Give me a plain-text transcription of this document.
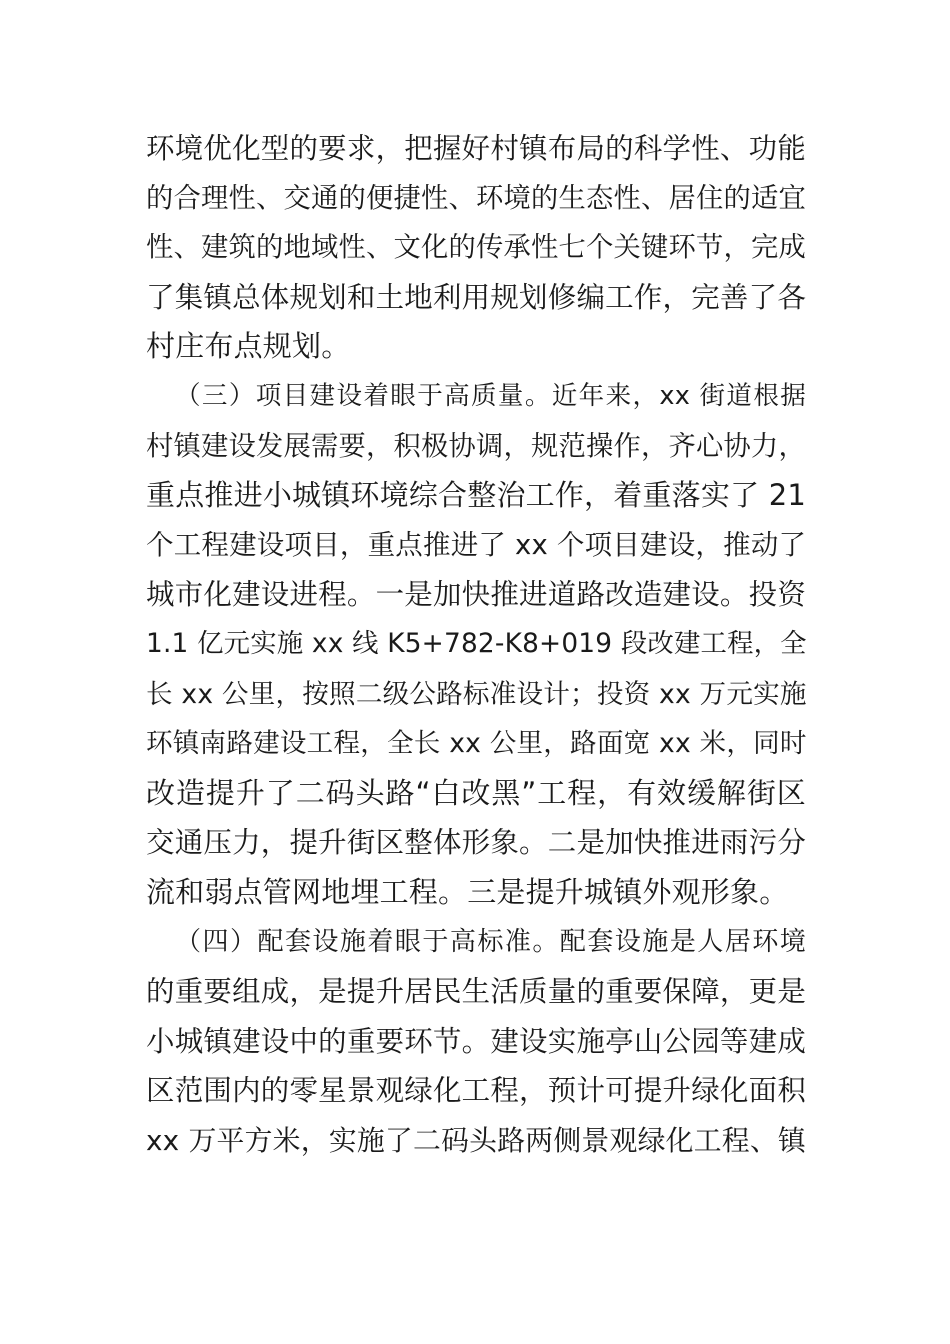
环境优化型的要求，把握好村镇布局的科学性、功能
的合理性、交通的便捷性、环境的生态性、居住的适宜
性、建筑的地域性、文化的传承性七个关键环节，完成
了集镇总体规划和土地利用规划修编工作，完善了各
村庄布点规划。
（三）项目建设着眼于高质量。近年来，xx 街道根据
村镇建设发展需要，积极协调，规范操作，齐心协力，
重点推进小城镇环境综合整治工作，着重落实了 21
个工程建设项目，重点推进了 xx 个项目建设，推动了
城市化建设进程。一是加快推进道路改造建设。投资
1.1 亿元实施 xx 线 K5+782-K8+019 段改建工程，全
长 xx 公里，按照二级公路标准设计；投资 xx 万元实施
环镇南路建设工程，全长 xx 公里，路面宽 xx 米，同时
改造提升了二码头路“白改黑”工程，有效缓解街区
交通压力，提升街区整体形象。二是加快推进雨污分
流和弱点管网地埋工程。三是提升城镇外观形象。
（四）配套设施着眼于高标准。配套设施是人居环境
的重要组成，是提升居民生活质量的重要保障，更是
小城镇建设中的重要环节。建设实施亭山公园等建成
区范围内的零星景观绿化工程，预计可提升绿化面积
xx 万平方米，实施了二码头路两侧景观绿化工程、镇
